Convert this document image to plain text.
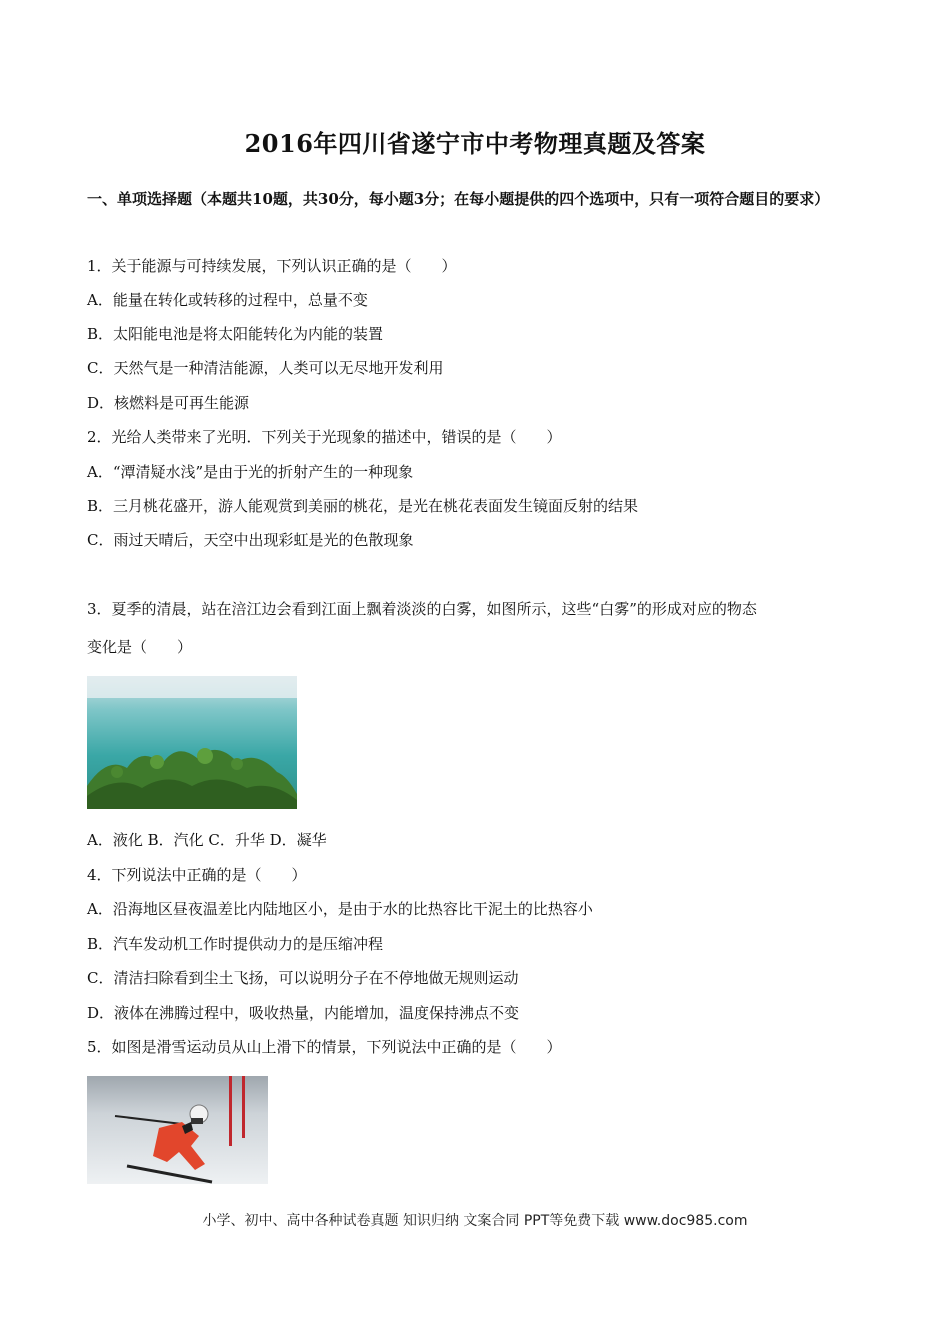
2016年四川省遂宁市中考物理真题及答案
一、单项选择题（本题共10题，共30分，每小题3分；在每小题提供的四个选项中，只有一项符合题目的要求）
1．关于能源与可持续发展，下列认识正确的是（　　）
A．能量在转化或转移的过程中，总量不变
B．太阳能电池是将太阳能转化为内能的装置
C．天然气是一种清洁能源，人类可以无尽地开发利用
D．核燃料是可再生能源
2．光给人类带来了光明．下列关于光现象的描述中，错误的是（　　）
A．“潭清疑水浅”是由于光的折射产生的一种现象
B．三月桃花盛开，游人能观赏到美丽的桃花，是光在桃花表面发生镜面反射的结果
C．雨过天晴后，天空中出现彩虹是光的色散现象
3．夏季的清晨，站在涪江边会看到江面上飘着淡淡的白雾，如图所示，这些“白雾”的形成对应的物态
变化是（　　）
A．液化 B．汽化 C．升华 D．凝华
4．下列说法中正确的是（　　）
A．沿海地区昼夜温差比内陆地区小，是由于水的比热容比干泥土的比热容小
B．汽车发动机工作时提供动力的是压缩冲程
C．清洁扫除看到尘土飞扬，可以说明分子在不停地做无规则运动
D．液体在沸腾过程中，吸收热量，内能增加，温度保持沸点不变
5．如图是滑雪运动员从山上滑下的情景，下列说法中正确的是（　　）
小学、初中、高中各种试卷真题 知识归纳 文案合同 PPT等免费下载 www.doc985.com
